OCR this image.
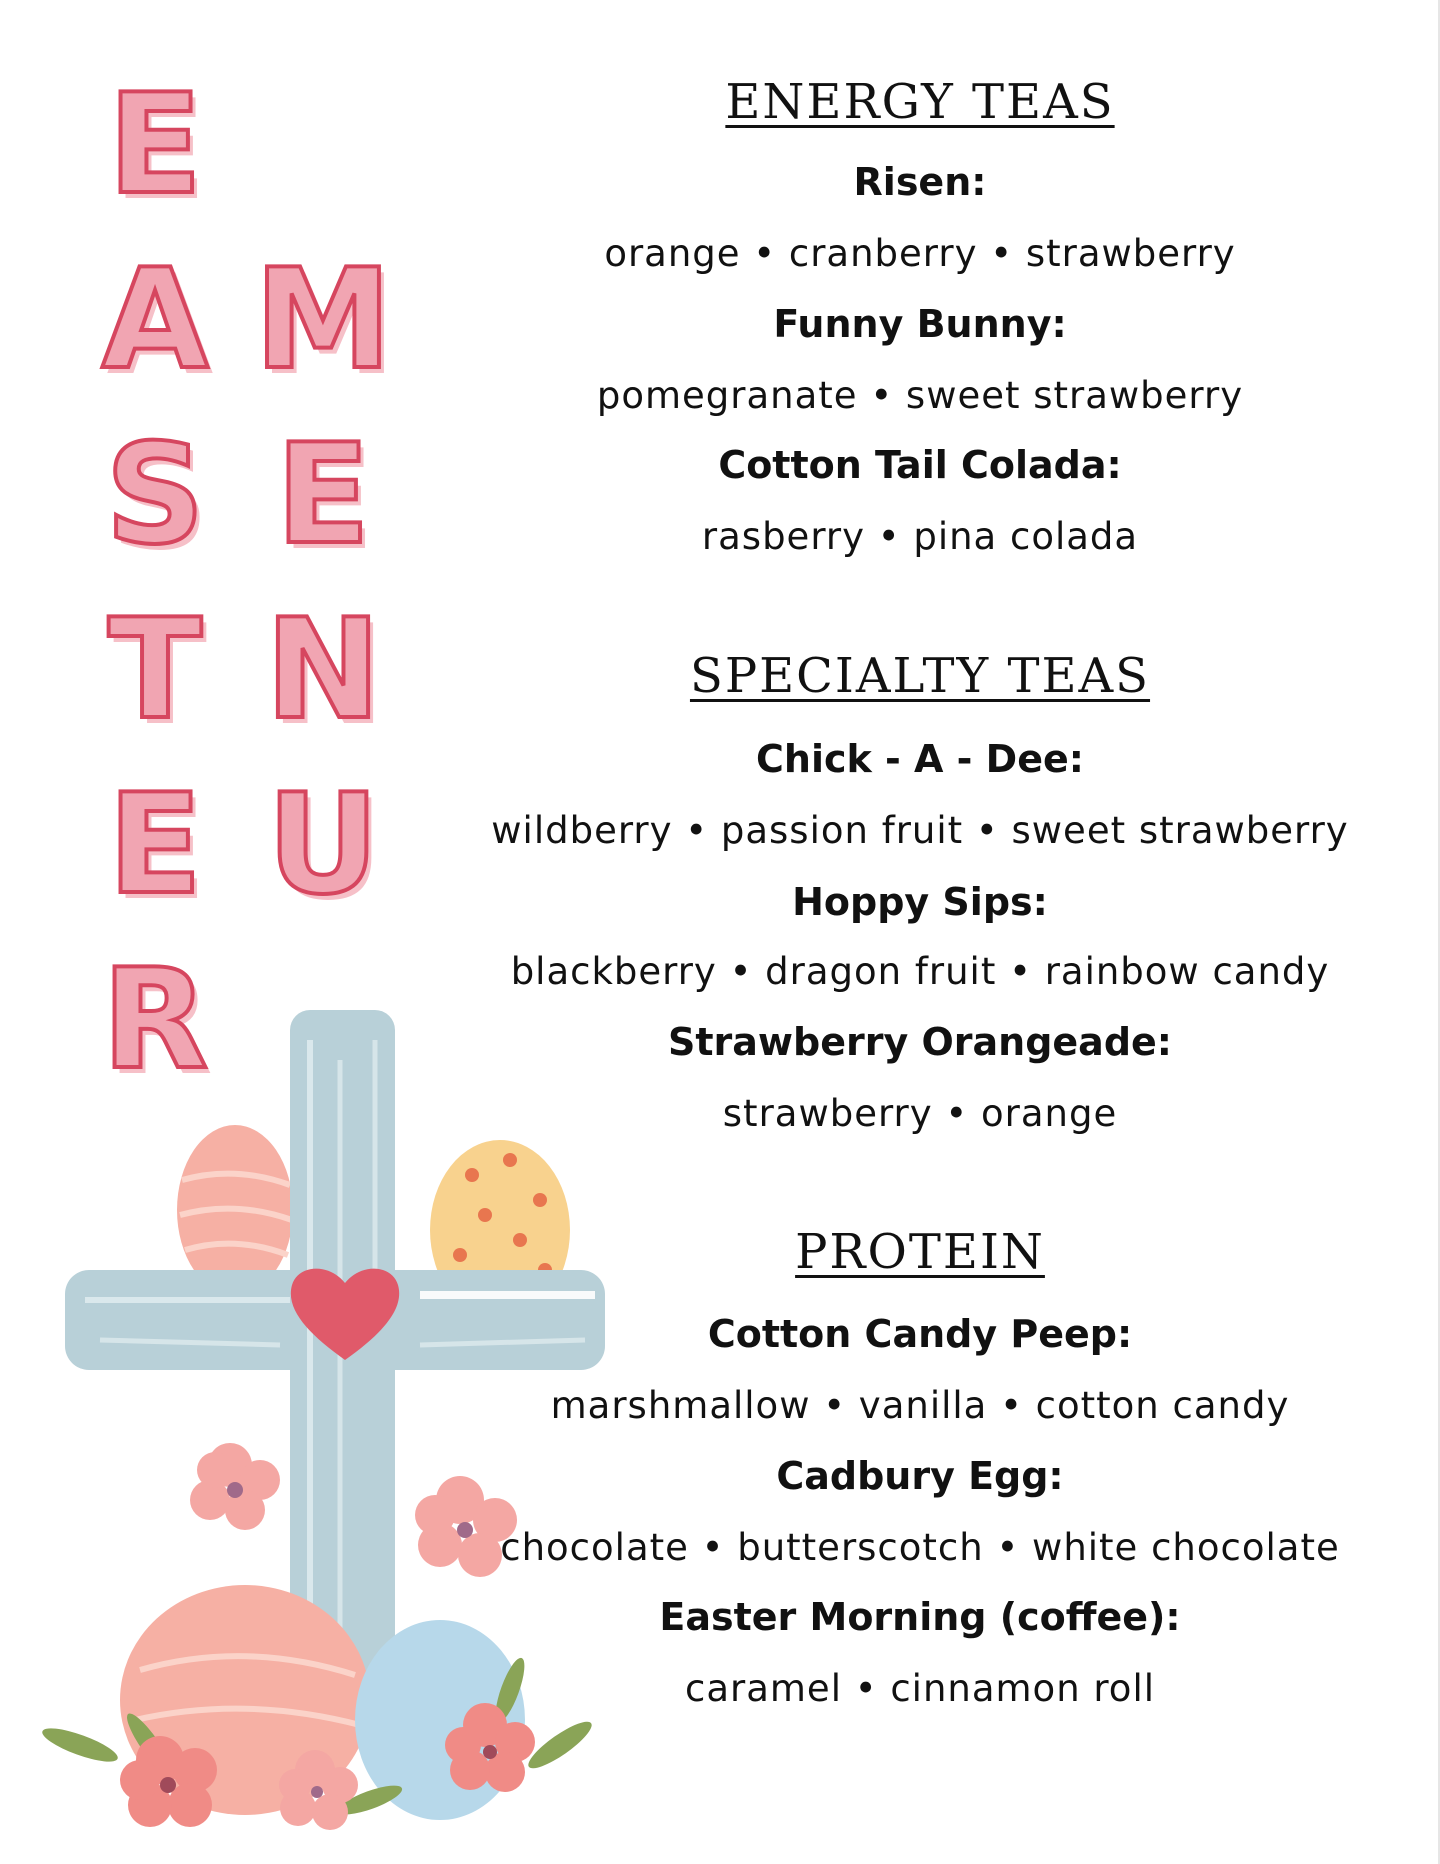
E
A
S
T
E
R
M
E
N
U
ENERGY TEAS
Risen:
orange • cranberry • strawberry
Funny Bunny:
pomegranate • sweet strawberry
Cotton Tail Colada:
rasberry • pina colada
SPECIALTY TEAS
Chick - A - Dee:
wildberry • passion fruit • sweet strawberry
Hoppy Sips:
blackberry • dragon fruit • rainbow candy
Strawberry Orangeade:
strawberry • orange
PROTEIN
Cotton Candy Peep:
marshmallow • vanilla • cotton candy
Cadbury Egg:
chocolate • butterscotch • white chocolate
Easter Morning (coffee):
caramel • cinnamon roll
